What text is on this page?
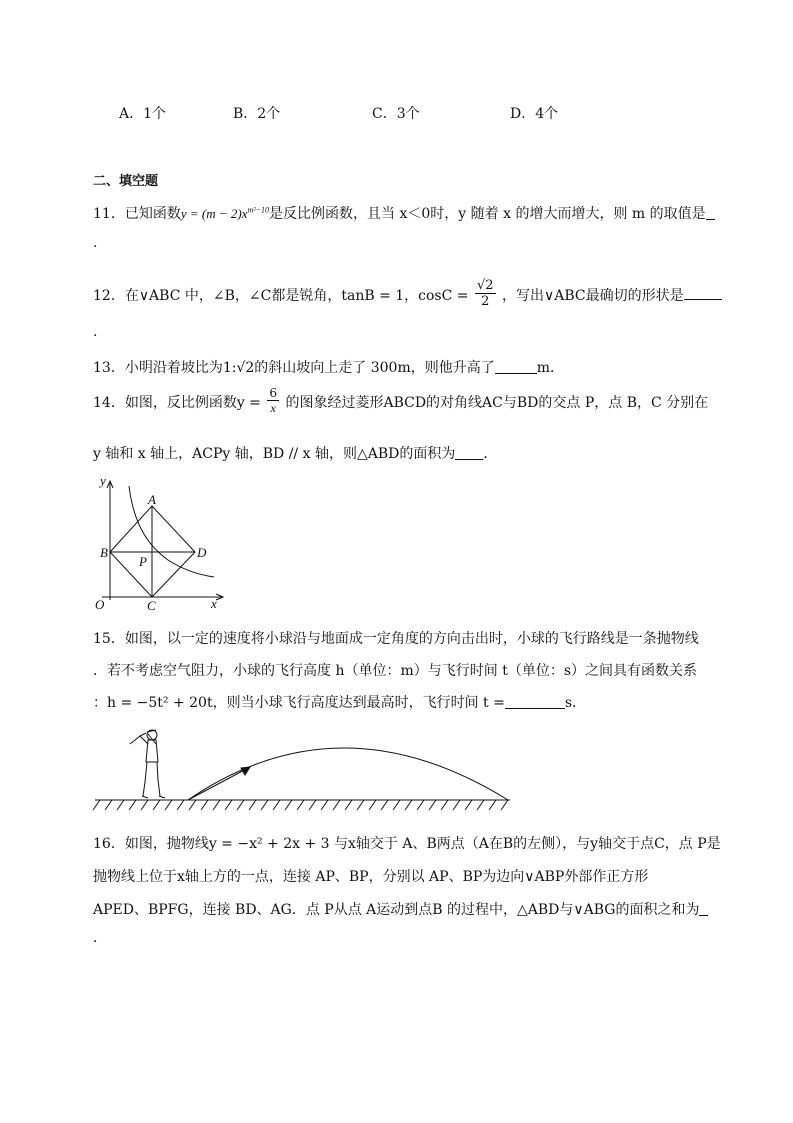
A．1个	B．2个	C．3个	D．4个
二、填空题
11．已知函数$y = (m - 2)x^{m^2-10}$是反比例函数，且当 x＜0时，y 随着 x 的增大而增大，则 m 的取值是
.
12．在∨ABC 中，∠B，∠C都是锐角，tanB = 1，$\cos C = \frac{√2}{2}$ ，写出∨ABC最确切的形状是
.
13．小明沿着坡比为1:√2的斜山坡向上走了 300m，则他升高了	m．
14．如图，反比例函数$y = \frac{6}{x}$ 的图象经过菱形ABCD的对角线AC与BD的交点 P，点 B，C 分别在
y 轴和 x 轴上，ACPy 轴，BD // x 轴，则△ABD的面积为 .
y
A
B	D
P
O	C	x
15．如图，以一定的速度将小球沿与地面成一定角度的方向击出时，小球的飞行路线是一条抛物线
．若不考虑空气阻力，小球的飞行高度 h（单位：m）与飞行时间 t（单位：s）之间具有函数关系
：h = −5t² + 20t，则当小球飞行高度达到最高时，飞行时间 t =	s．
16．如图，抛物线y = −x² + 2x + 3 与x轴交于 A、B两点（A在B的左侧），与y轴交于点C，点 P是
抛物线上位于x轴上方的一点，连接 AP、BP，分别以 AP、BP为边向∨ABP外部作正方形
APED、BPFG，连接 BD、AG．点 P从点 A运动到点B 的过程中，△ABD与∨ABG的面积之和为
.
